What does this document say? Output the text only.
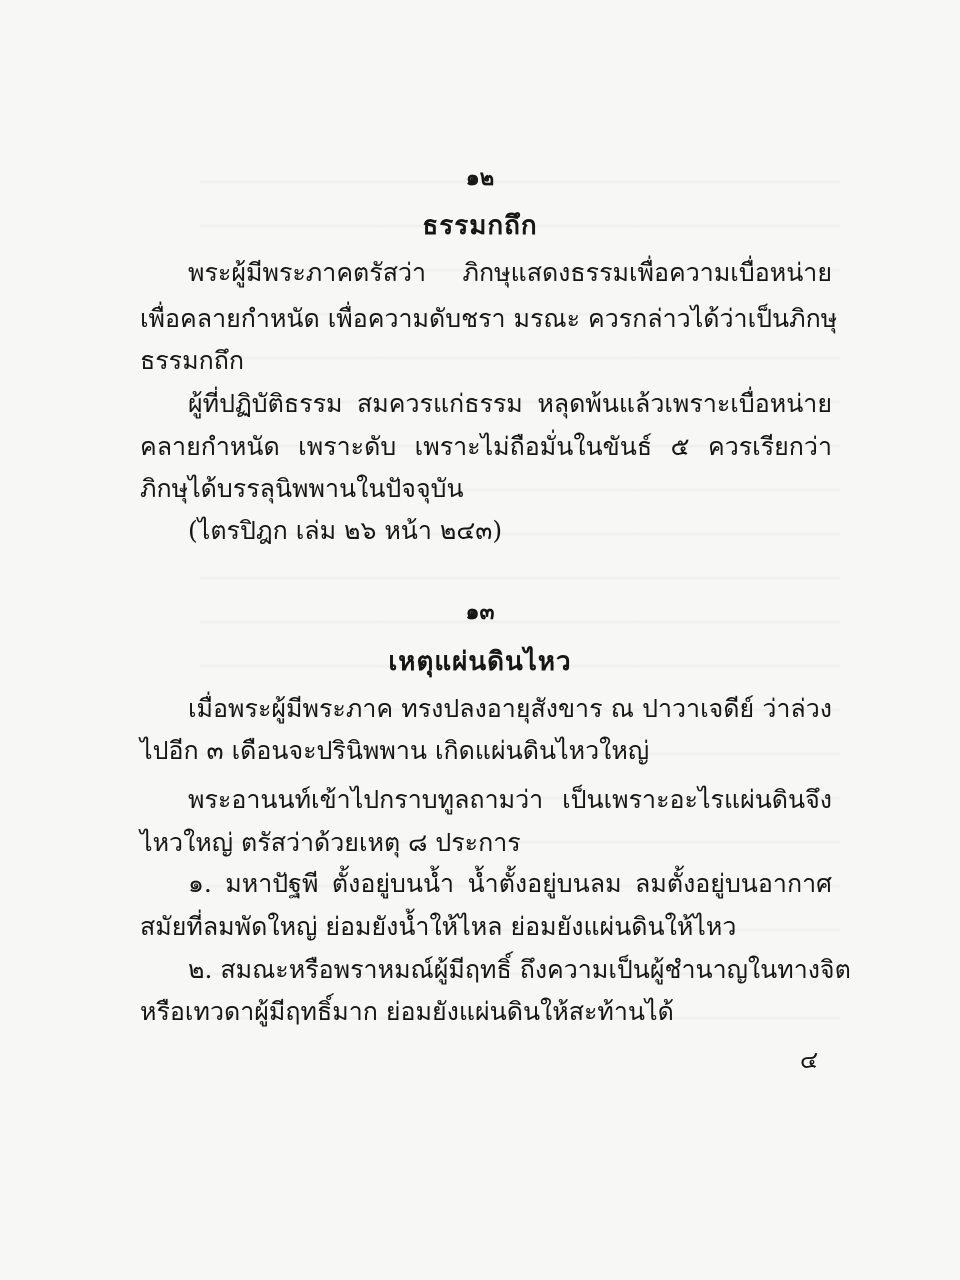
๑๒
ธรรมกถึก
พระผู้มีพระภาคตรัสว่า ภิกษุแสดงธรรมเพื่อความเบื่อหน่าย
เพื่อคลายกำหนัด เพื่อความดับชรา มรณะ ควรกล่าวได้ว่าเป็นภิกษุ
ธรรมกถึก
ผู้ที่ปฏิบัติธรรม สมควรแก่ธรรม หลุดพ้นแล้วเพราะเบื่อหน่าย
คลายกำหนัด เพราะดับ เพราะไม่ถือมั่นในขันธ์ ๕ ควรเรียกว่า
ภิกษุได้บรรลุนิพพานในปัจจุบัน
(ไตรปิฎก เล่ม ๒๖ หน้า ๒๔๓)
๑๓
เหตุแผ่นดินไหว
เมื่อพระผู้มีพระภาค ทรงปลงอายุสังขาร ณ ปาวาเจดีย์ ว่าล่วง
ไปอีก ๓ เดือนจะปรินิพพาน เกิดแผ่นดินไหวใหญ่
พระอานนท์เข้าไปกราบทูลถามว่า เป็นเพราะอะไรแผ่นดินจึง
ไหวใหญ่ ตรัสว่าด้วยเหตุ ๘ ประการ
๑. มหาปัฐพี ตั้งอยู่บนน้ำ น้ำตั้งอยู่บนลม ลมตั้งอยู่บนอากาศ
สมัยที่ลมพัดใหญ่ ย่อมยังน้ำให้ไหล ย่อมยังแผ่นดินให้ไหว
๒. สมณะหรือพราหมณ์ผู้มีฤทธิ์ ถึงความเป็นผู้ชำนาญในทางจิต
หรือเทวดาผู้มีฤทธิ์มาก ย่อมยังแผ่นดินให้สะท้านได้
๔
